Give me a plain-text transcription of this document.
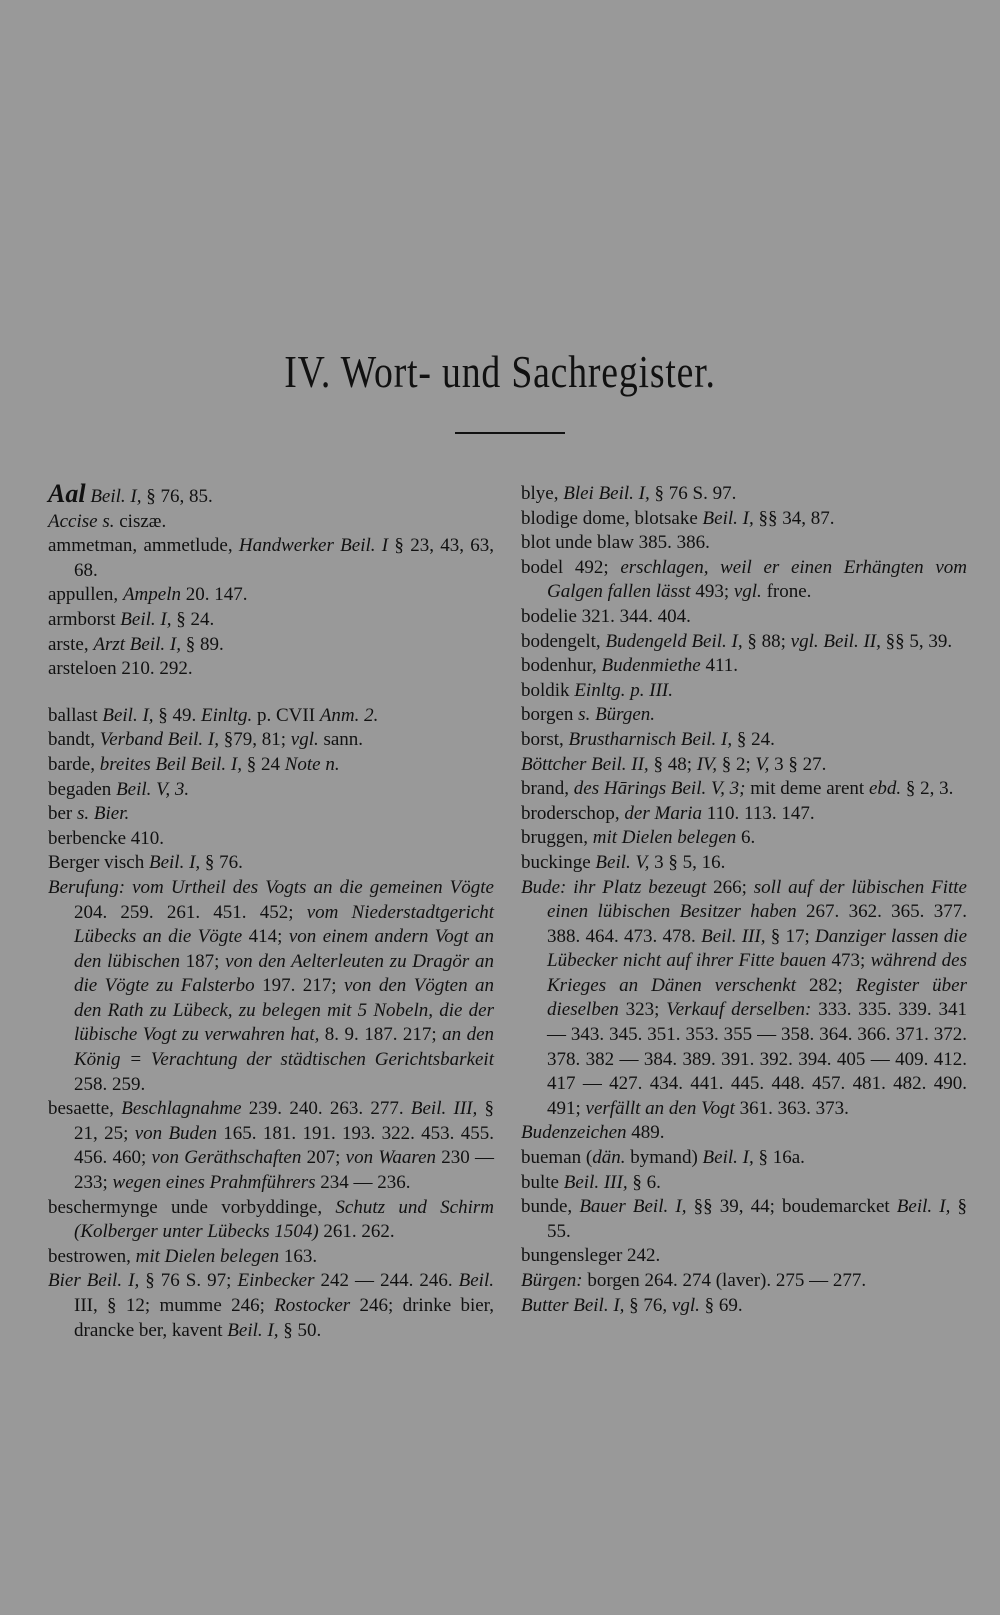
IV. Wort- und Sachregister.
Aal Beil. I, § 76, 85.
Accise s. ciszæ.
ammetman, ammetlude, Handwerker Beil. I § 23, 43, 63, 68.
appullen, Ampeln 20. 147.
armborst Beil. I, § 24.
arste, Arzt Beil. I, § 89.
arsteloen 210. 292.
ballast Beil. I, § 49. Einltg. p. CVII Anm. 2.
bandt, Verband Beil. I, §79, 81; vgl. sann.
barde, breites Beil Beil. I, § 24 Note n.
begaden Beil. V, 3.
ber s. Bier.
berbencke 410.
Berger visch Beil. I, § 76.
Berufung: vom Urtheil des Vogts an die gemeinen Vögte 204. 259. 261. 451. 452; vom Niederstadtgericht Lübecks an die Vögte 414; von einem andern Vogt an den lübischen 187; von den Aelterleuten zu Dragör an die Vögte zu Falsterbo 197. 217; von den Vögten an den Rath zu Lübeck, zu belegen mit 5 Nobeln, die der lübische Vogt zu verwahren hat, 8. 9. 187. 217; an den König = Verachtung der städtischen Gerichtsbarkeit 258. 259.
besaette, Beschlagnahme 239. 240. 263. 277. Beil. III, § 21, 25; von Buden 165. 181. 191. 193. 322. 453. 455. 456. 460; von Geräthschaften 207; von Waaren 230 — 233; wegen eines Prahmführers 234 — 236.
beschermynge unde vorbyddinge, Schutz und Schirm (Kolberger unter Lübecks 1504) 261. 262.
bestrowen, mit Dielen belegen 163.
Bier Beil. I, § 76 S. 97; Einbecker 242 — 244. 246. Beil. III, § 12; mumme 246; Rostocker 246; drinke bier, drancke ber, kavent Beil. I, § 50.
blye, Blei Beil. I, § 76 S. 97.
blodige dome, blotsake Beil. I, §§ 34, 87.
blot unde blaw 385. 386.
bodel 492; erschlagen, weil er einen Erhängten vom Galgen fallen lässt 493; vgl. frone.
bodelie 321. 344. 404.
bodengelt, Budengeld Beil. I, § 88; vgl. Beil. II, §§ 5, 39.
bodenhur, Budenmiethe 411.
boldik Einltg. p. III.
borgen s. Bürgen.
borst, Brustharnisch Beil. I, § 24.
Böttcher Beil. II, § 48; IV, § 2; V, 3 § 27.
brand, des Hārings Beil. V, 3; mit deme arent ebd. § 2, 3.
broderschop, der Maria 110. 113. 147.
bruggen, mit Dielen belegen 6.
buckinge Beil. V, 3 § 5, 16.
Bude: ihr Platz bezeugt 266; soll auf der lübischen Fitte einen lübischen Besitzer haben 267. 362. 365. 377. 388. 464. 473. 478. Beil. III, § 17; Danziger lassen die Lübecker nicht auf ihrer Fitte bauen 473; während des Krieges an Dänen verschenkt 282; Register über dieselben 323; Verkauf derselben: 333. 335. 339. 341 — 343. 345. 351. 353. 355 — 358. 364. 366. 371. 372. 378. 382 — 384. 389. 391. 392. 394. 405 — 409. 412. 417 — 427. 434. 441. 445. 448. 457. 481. 482. 490. 491; verfällt an den Vogt 361. 363. 373.
Budenzeichen 489.
bueman (dän. bymand) Beil. I, § 16a.
bulte Beil. III, § 6.
bunde, Bauer Beil. I, §§ 39, 44; boudemarcket Beil. I, § 55.
bungensleger 242.
Bürgen: borgen 264. 274 (laver). 275 — 277.
Butter Beil. I, § 76, vgl. § 69.
